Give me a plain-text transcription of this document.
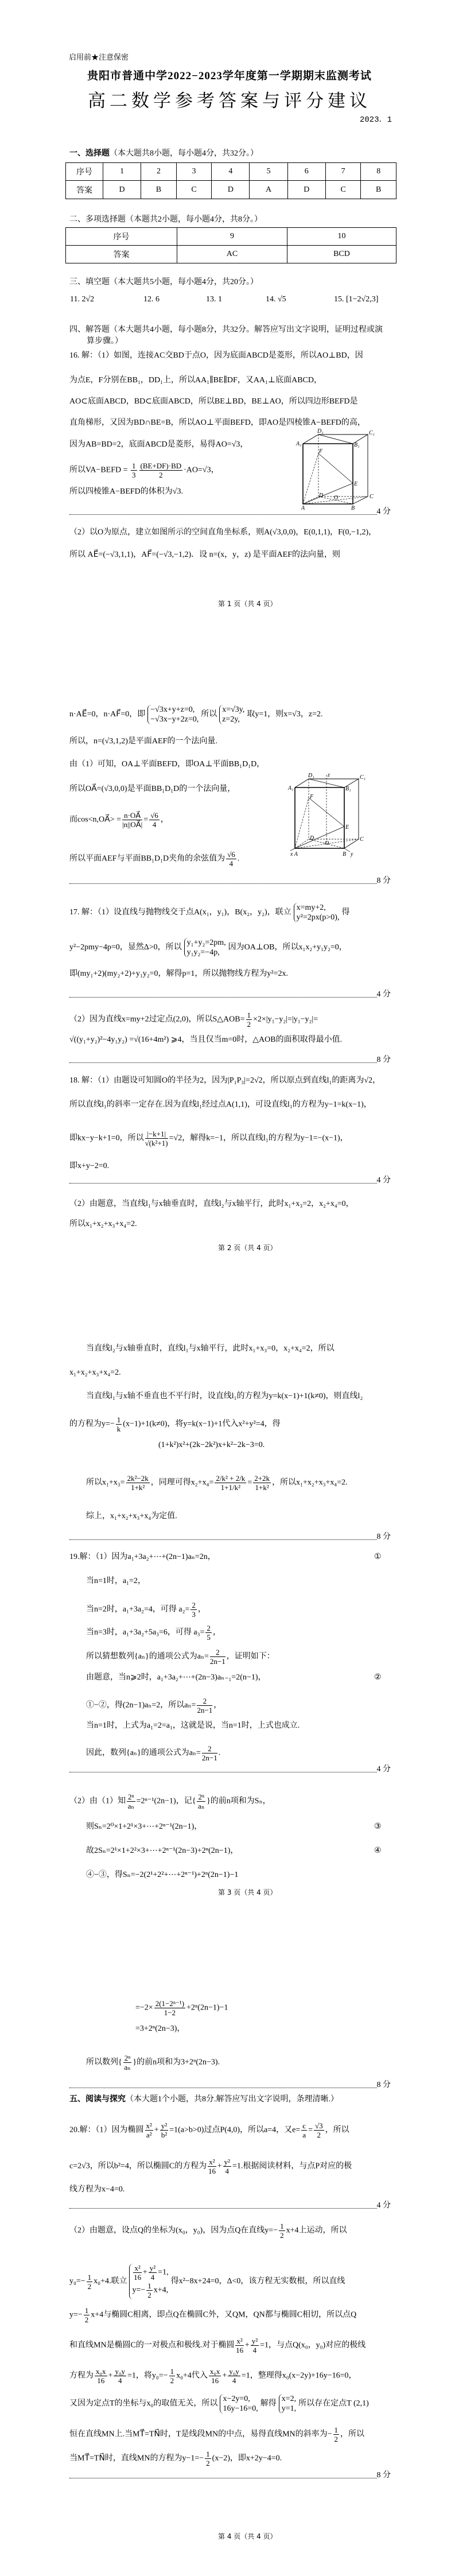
启用前★注意保密
贵阳市普通中学2022−2023学年度第一学期期末监测考试
高二数学参考答案与评分建议
2023．1
一、选择题（本大题共8小题，每小题4分，共32分。）
序号	1	2	3	4	5	6	7	8
答案	D	B	C	D	A	D	C	B
二、多项选择题（本题共2小题，每小题4分，共8分。）
序号	9	10
答案	AC	BCD
三、填空题（本大题共5小题，每小题4分，共20分。）
11. 2√2	12. 6	13. 1	14. √5	15. [1−2√2,3]
四、解答题（本大题共4小题，每小题8分，共32分。解答应写出文字说明，证明过程或演
算步骤。）
16. 解：（1）如图，连接AC交BD于点O，因为底面ABCD是菱形，所以AO⊥BD，因
为点E，F分别在BB₁，DD₁上，所以AA₁∥BE∥DF，又AA₁⊥底面ABCD，
AO⊂底面ABCD，BD⊂底面ABCD，所以BE⊥BD，BE⊥AO，所以四边形BEFD是
直角梯形，又因为BD∩BE=B，所以AO⊥平面BEFD，即AO是四棱锥A−BEFD的高，
因为AB=BD=2，底面ABCD是菱形，易得AO=√3，
所以VA−BEFD = $\frac{1}{3} \frac{(BE+DF)\cdot BD}{2} \cdot AO=√3$，
所以四棱锥A−BEFD的体积为√3.
A	B
C
D
A₁	B₁
C₁
D₁
E
F
O
4 分
（2）以O为原点，建立如图所示的空间直角坐标系，则A(√3,0,0)，E(0,1,1)，F(0,−1,2)，
所以 AE⃗=(−√3,1,1)，AF⃗=(−√3,−1,2)．设 n=(x，y，z) 是平面AEF的法向量，则
第 1 页（共 4 页）
n·AE⃗=0，n·AF⃗=0，即
−√3x+y+z=0,
−√3x−y+2z=0,
所以
x=√3y,
z=2y,
取y=1，则x=√3，z=2.
所以，n=(√3,1,2)是平面AEF的一个法向量.
由（1）可知，OA⊥平面BEFD，即OA⊥平面BB₁D₁D，
所以OA⃗=(√3,0,0)是平面BB₁D₁D的一个法向量，
而cos<n,OA⃗> = $\frac{n\cdot OA⃗}{|n||OA⃗|} = \frac{√6}{4}$ ，
所以平面AEF与平面BB₁D₁D夹角的余弦值为 $\frac{√6}{4}$ .
x A	B y
C
D
A₁	B₁
C₁
D₁ z
E
F
O
8 分
17. 解：（1）设直线与抛物线交于点A(x₁，y₁)，B(x₂，y₂)，联立
x=my+2,
y²=2px(p>0),
得
y²−2pmy−4p=0，显然Δ>0，所以
y₁+y₂=2pm,
y₁y₂=−4p,
因为OA⊥OB，所以x₁x₂+y₁y₂=0，
即(my₁+2)(my₂+2)+y₁y₂=0，解得p=1，所以抛物线方程为y²=2x.
4 分
（2）因为直线x=my+2过定点(2,0)，所以S△AOB= $\frac{1}{2} \times 2\times|y_1-y_2|=|y_1-y_2|=$
√((y₁+y₂)²−4y₁y₂) =√(16+4m²) ⩾4，当且仅当m=0时，△AOB的面积取得最小值.
8 分
18. 解：（1）由题设可知圆O的半径为2，因为|P₁P₃|=2√2，所以原点到直线l₁的距离为√2，
所以直线l₁的斜率一定存在.因为直线l₁经过点A(1,1)，可设直线l₁的方程为y−1=k(x−1)，
即kx−y−k+1=0，所以 $\frac{|-k+1|}{\text{√(k²+1)}} =√2$，解得k=−1，所以直线l₁的方程为y−1=−(x−1)，
即x+y−2=0.
4 分
（2）由题意，当直线l₁与x轴垂直时，直线l₂与x轴平行，此时x₁+x₃=2，x₂+x₄=0，
所以x₁+x₂+x₃+x₄=2.
第 2 页（共 4 页）
当直线l₂与x轴垂直时，直线l₁与x轴平行，此时x₁+x₃=0，x₂+x₄=2，所以
x₁+x₂+x₃+x₄=2.
当直线l₁与x轴不垂直也不平行时，设直线l₁的方程为y=k(x−1)+1(k≠0)，则直线l₂
的方程为$y=- \frac{1}{k} (x-1)+1(k\ne 0)$，将y=k(x−1)+1代入x²+y²=4，得
(1+k²)x²+(2k−2k²)x+k²−2k−3=0.
所以$x_1+x_3= \frac{\text{2k²−2k}}{\text{1+k²}}$ ，同理可得$x_2+x_4= \frac{\text{2/k² + 2/k}}{\text{1+1/k²}} = \frac{2+2k}{\text{1+k²}}$ ，所以x₁+x₂+x₃+x₄=2.
综上，x₁+x₂+x₃+x₄为定值.
8 分
19.解：（1）因为a₁+3a₂+⋯+(2n−1)aₙ=2n，	①
当n=1时，a₁=2，
当n=2时，a₁+3a₂=4，可得 $a_2= \frac{2}{3}$ ，
当n=3时，a₁+3a₂+5a₃=6，可得 $a_3= \frac{2}{5}$ ，
所以猜想数列{aₙ}的通项公式为$a_n= \frac{2}{2n-1}$ ，证明如下：
由题意，当n⩾2时，a₁+3a₂+⋯+(2n−3)aₙ₋₁=2(n−1)，	②
①−②，得(2n−1)aₙ=2，所以$a_n= \frac{2}{2n-1}$ ，
当n=1时，上式为a₁=2=a₁，这就是说，当n=1时，上式也成立.
因此，数列{aₙ}的通项公式为$a_n= \frac{2}{2n-1}$ .
4 分
（2）由（1）知 $\frac{\text{2ⁿ}}{\text{aₙ}} =2^{n-1}(2n-1)$，记{ $\frac{\text{2ⁿ}}{\text{aₙ}}$ }的前n项和为Sₙ，
则Sₙ=2⁰×1+2¹×3+⋯+2ⁿ⁻¹(2n−1)，	③
故2Sₙ=2¹×1+2²×3+⋯+2ⁿ⁻¹(2n−3)+2ⁿ(2n−1)，	④
④−③，得Sₙ=−2(2¹+2²+⋯+2ⁿ⁻¹)+2ⁿ(2n−1)−1
第 3 页（共 4 页）
$=-2\times \frac{\text{2(1−2ⁿ⁻¹)}}{1-2} +2^n(2n-1)-1$
=3+2ⁿ(2n−3)，
所以数列{ $\frac{\text{2ⁿ}}{\text{aₙ}}$ }的前n项和为3+2ⁿ(2n−3).
8 分
五、阅读与探究（本大题1个小题，共8分.解答应写出文字说明，条理清晰.）
20.解：（1）因为椭圆 $\frac{\text{x²}}{\text{a²}} + \frac{\text{y²}}{\text{b²}} =1(a>b>0)$过点P(4,0)，所以a=4，又$e= \frac{c}{a} = \frac{√3}{2}$ ，所以
c=2√3，所以b²=4，所以椭圆C的方程为 $\frac{\text{x²}}{16} + \frac{\text{y²}}{4} =1$.根据阅读材料，与点P对应的极
线方程为x−4=0.
4 分
（2）由题意，设点Q的坐标为(x₀，y₀)，因为点Q在直线$y=- \frac{1}{2} x+4$上运动，所以
$y_0=- \frac{1}{2} x_0+4$.联立 $\frac{\text{x²}}{16} + \frac{\text{y²}}{4} =1$,
$y=- \frac{1}{2} x+4$,
得x²−8x+24=0，Δ<0，该方程无实数根，所以直线
$y=- \frac{1}{2} x+4$与椭圆C相离，即点Q在椭圆C外，又QM，QN都与椭圆C相切，所以点Q
和直线MN是椭圆C的一对极点和极线.对于椭圆 $\frac{\text{x²}}{16} + \frac{\text{y²}}{4} =1$，与点Q(x₀，y₀)对应的极线
方程为 $\frac{\text{x₀x}}{16} + \frac{\text{y₀y}}{4} =1$，将$y_0=- \frac{1}{2} x_0+4$代入 $\frac{\text{x₀x}}{16} + \frac{\text{y₀y}}{4} =1$，整理得x₀(x−2y)+16y−16=0，
又因为定点T的坐标与x₀的取值无关，所以
x−2y=0,
16y−16=0,
解得
x=2,
y=1,
所以存在定点T (2,1)
恒在直线MN上.当MT⃗=TN⃗时，T是线段MN的中点，易得直线MN的斜率为− $\frac{1}{2}$ ，所以
当MT⃗=TN⃗时，直线MN的方程为$y-1=- \frac{1}{2} (x-2)$，即x+2y−4=0.
8 分
第 4 页（共 4 页）
